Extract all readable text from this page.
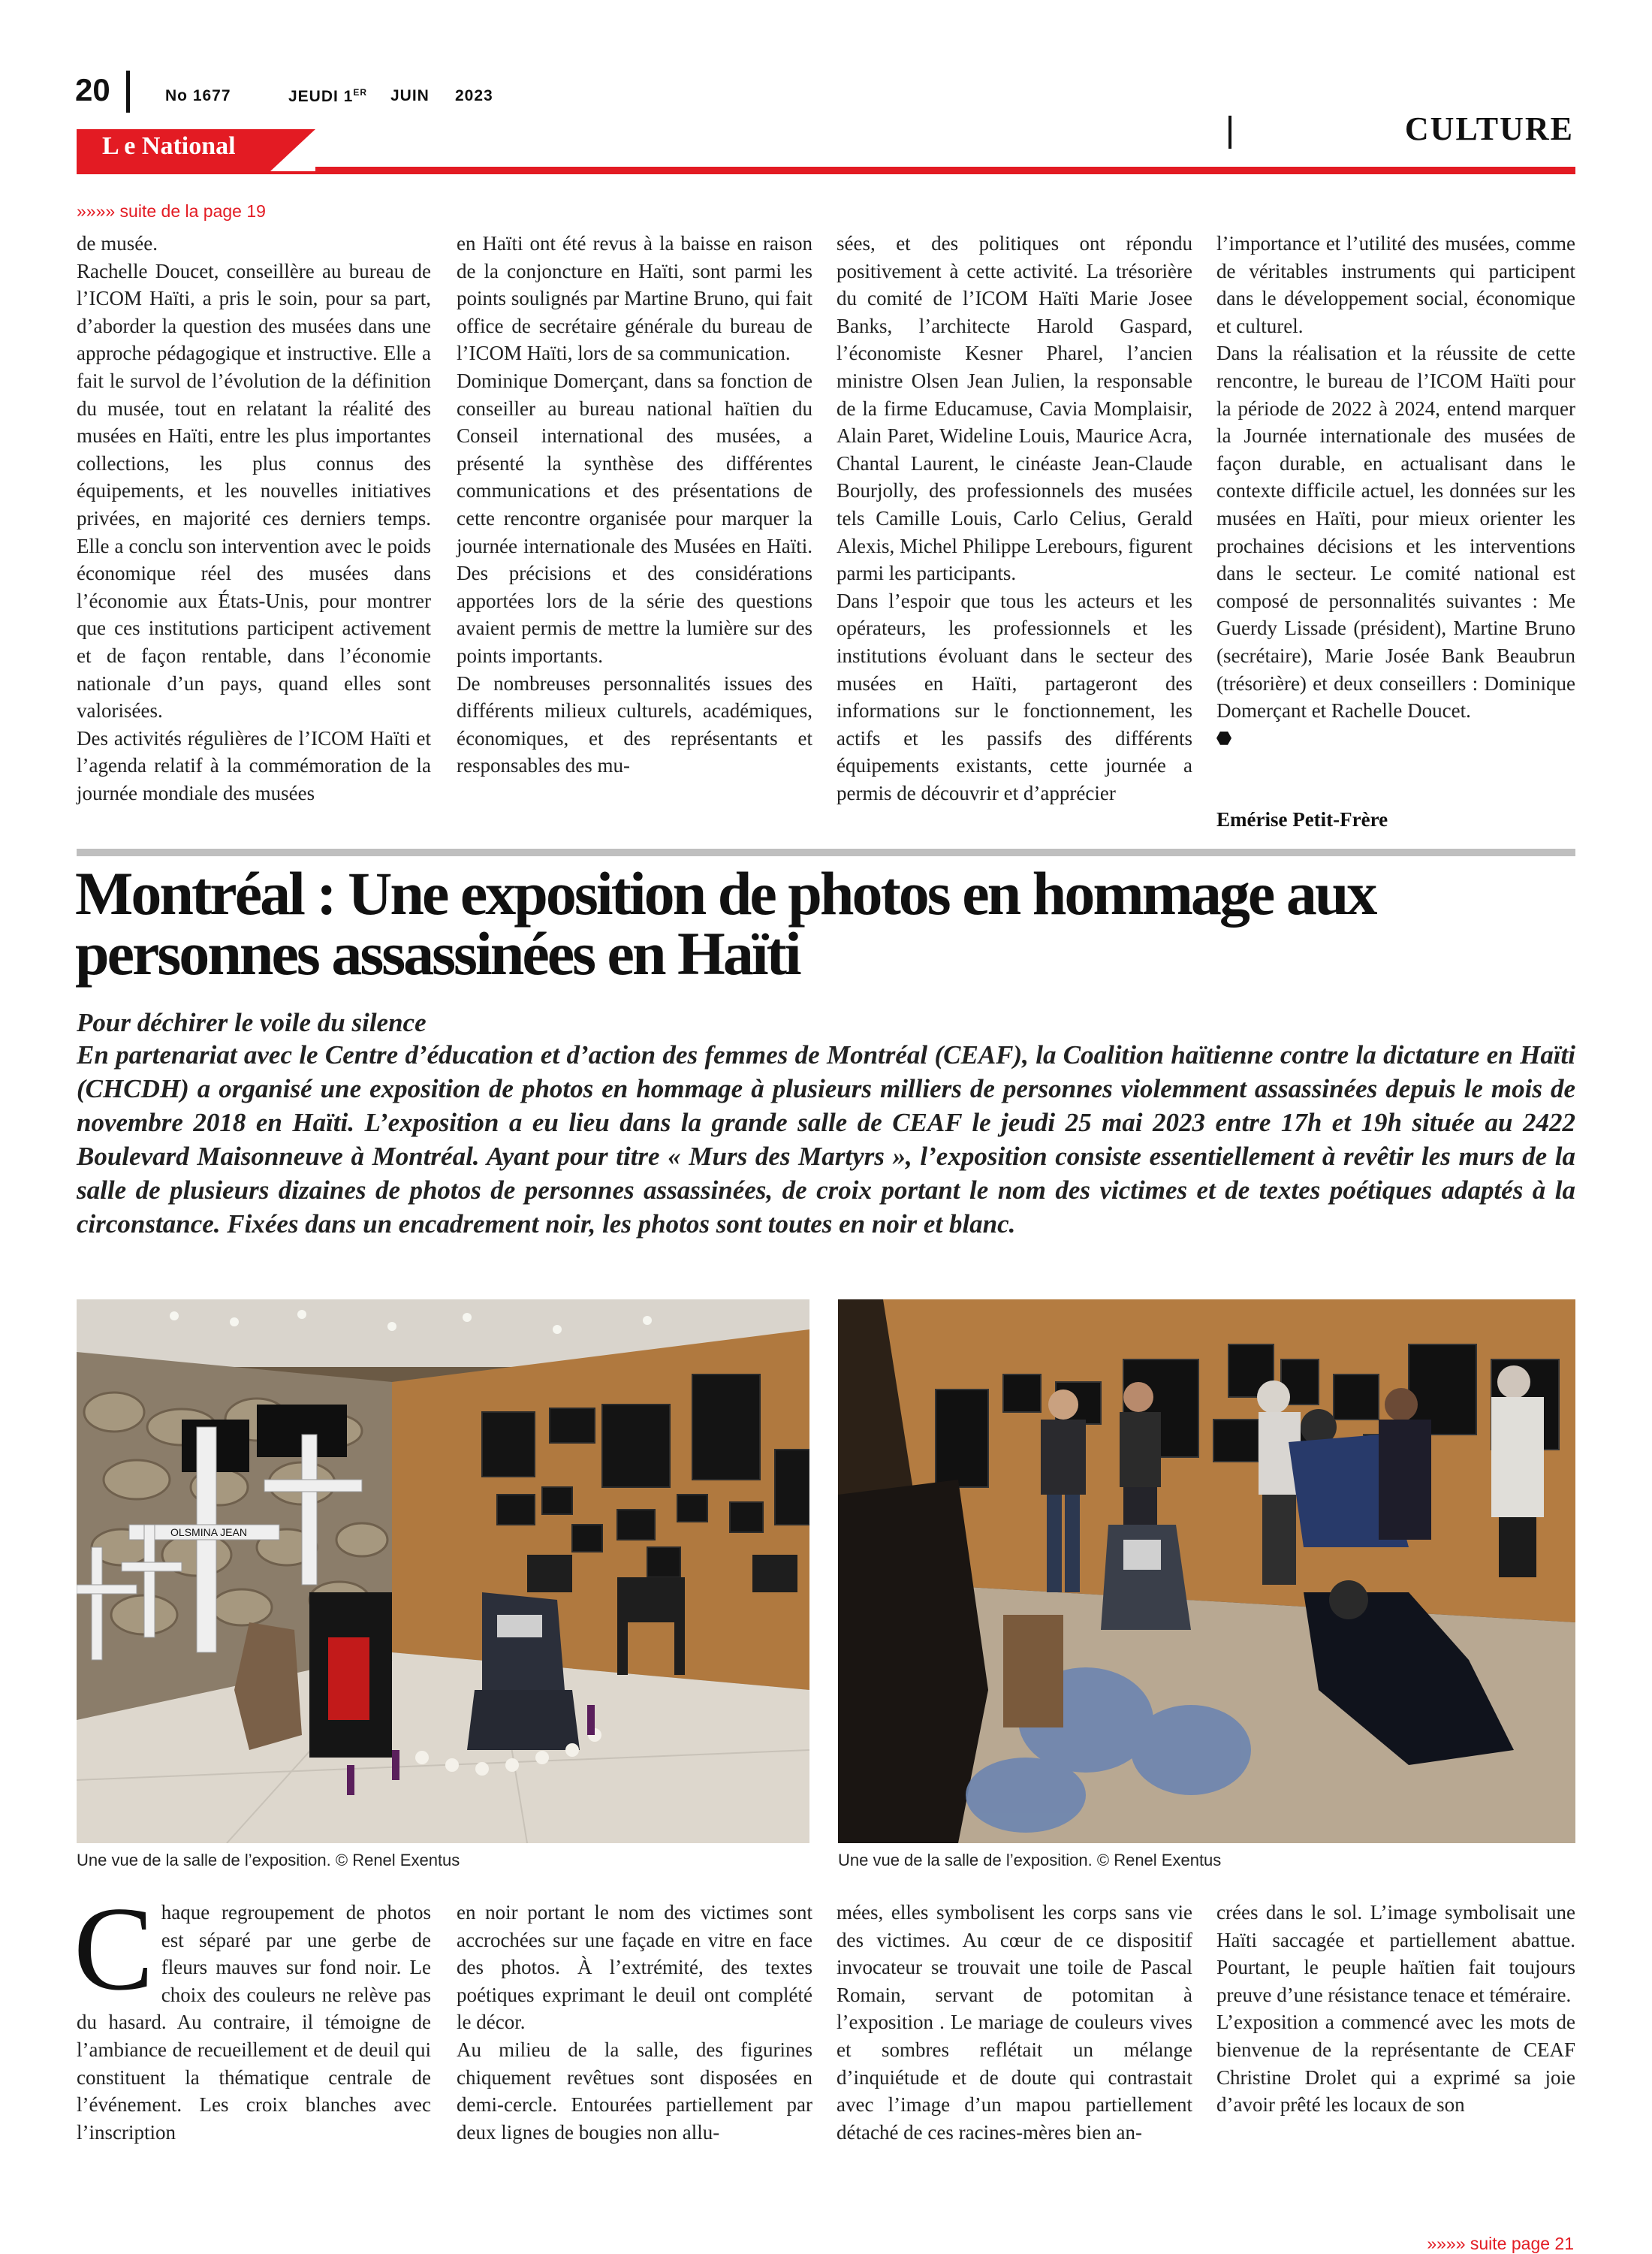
20	No 1677	JEUDI 1ER JUIN 2023
CULTURE
L e National
»»»» suite de la page 19

de musée.

Rachelle Doucet, conseillère au bureau de l’ICOM Haïti, a pris le soin, pour sa part, d’aborder la question des musées dans une approche pédagogique et instructive. Elle a fait le survol de l’évolution de la définition du musée, tout en relatant la réalité des musées en Haïti, entre les plus importantes collections, les plus connus des équipements, et les nouvelles initiatives privées, en majorité ces derniers temps. Elle a conclu son intervention avec le poids économique réel des musées dans l’économie aux États-Unis, pour montrer que ces institutions participent activement et de façon rentable, dans l’économie nationale d’un pays, quand elles sont valorisées.

Des activités régulières de l’ICOM Haïti et l’agenda relatif à la commémoration de la journée mondiale des musées

en Haïti ont été revus à la baisse en raison de la conjoncture en Haïti, sont parmi les points soulignés par Martine Bruno, qui fait office de secrétaire générale du bureau de l’ICOM Haïti, lors de sa communication.

Dominique Domerçant, dans sa fonction de conseiller au bureau national haïtien du Conseil international des musées, a présenté la synthèse des différentes communications et des présentations de cette rencontre organisée pour marquer la journée internationale des Musées en Haïti. Des précisions et des considérations apportées lors de la série des questions avaient permis de mettre la lumière sur des points importants.

De nombreuses personnalités issues des différents milieux culturels, académiques, économiques, et des représentants et responsables des mu-

sées, et des politiques ont répondu positivement à cette activité. La trésorière du comité de l’ICOM Haïti Marie Josee Banks, l’architecte Harold Gaspard, l’économiste Kesner Pharel, l’ancien ministre Olsen Jean Julien, la responsable de la firme Educamuse, Cavia Momplaisir, Alain Paret, Wideline Louis, Maurice Acra, Chantal Laurent, le cinéaste Jean-Claude Bourjolly, des professionnels des musées tels Camille Louis, Carlo Celius, Gerald Alexis, Michel Philippe Lerebours, figurent parmi les participants.

Dans l’espoir que tous les acteurs et les opérateurs, les professionnels et les institutions évoluant dans le secteur des musées en Haïti, partageront des informations sur le fonctionnement, les actifs et les passifs des différents équipements existants, cette journée a permis de découvrir et d’apprécier

l’importance et l’utilité des musées, comme de véritables instruments qui participent dans le développement social, économique et culturel.

Dans la réalisation et la réussite de cette rencontre, le bureau de l’ICOM Haïti pour la période de 2022 à 2024, entend marquer la Journée internationale des musées de façon durable, en actualisant dans le contexte difficile actuel, les données sur les musées en Haïti, pour mieux orienter les prochaines décisions et les interventions dans le secteur. Le comité national est composé de personnalités suivantes : Me Guerdy Lissade (président), Martine Bruno (secrétaire), Marie Josée Bank Beaubrun (trésorière) et deux conseillers : Dominique Domerçant et Rachelle Doucet.

Emérise Petit-Frère
Montréal : Une exposition de photos en hommage aux personnes assassinées en Haïti
Pour déchirer le voile du silence
En partenariat avec le Centre d’éducation et d’action des femmes de Montréal (CEAF), la Coalition haïtienne contre la dictature en Haïti (CHCDH) a organisé une exposition de photos en hommage à plusieurs milliers de personnes violemment assassinées depuis le mois de novembre 2018 en Haïti. L’exposition a eu lieu dans la grande salle de CEAF le jeudi 25 mai 2023 entre 17h et 19h située au 2422 Boulevard Maisonneuve à Montréal. Ayant pour titre « Murs des Martyrs », l’exposition consiste essentiellement à revêtir les murs de la salle de plusieurs dizaines de photos de personnes assassinées, de croix portant le nom des victimes et de textes poétiques adaptés à la circonstance. Fixées dans un encadrement noir, les photos sont toutes en noir et blanc.
OLSMINA JEAN
Une vue de la salle de l’exposition. © Renel Exentus	Une vue de la salle de l’exposition. © Renel Exentus
C haque regroupement de photos est séparé par une gerbe de fleurs mauves sur fond noir. Le choix des couleurs ne relève pas du hasard. Au contraire, il témoigne de l’ambiance de recueillement et de deuil qui constituent la thématique centrale de l’événement. Les croix blanches avec l’inscription

en noir portant le nom des victimes sont accrochées sur une façade en vitre en face des photos. À l’extrémité, des textes poétiques exprimant le deuil ont complété le décor.

Au milieu de la salle, des figurines chiquement revêtues sont disposées en demi-cercle. Entourées partiellement par deux lignes de bougies non allu-

mées, elles symbolisent les corps sans vie des victimes. Au cœur de ce dispositif invocateur se trouvait une toile de Pascal Romain, servant de potomitan à l’exposition . Le mariage de couleurs vives et sombres reflétait un mélange d’inquiétude et de doute qui contrastait avec l’image d’un mapou partiellement détaché de ces racines-mères bien an-

crées dans le sol. L’image symbolisait une Haïti saccagée et partiellement abattue. Pourtant, le peuple haïtien fait toujours preuve d’une résistance tenace et téméraire.

L’exposition a commencé avec les mots de bienvenue de la représentante de CEAF Christine Drolet qui a exprimé sa joie d’avoir prêté les locaux de son

»»»» suite page 21
